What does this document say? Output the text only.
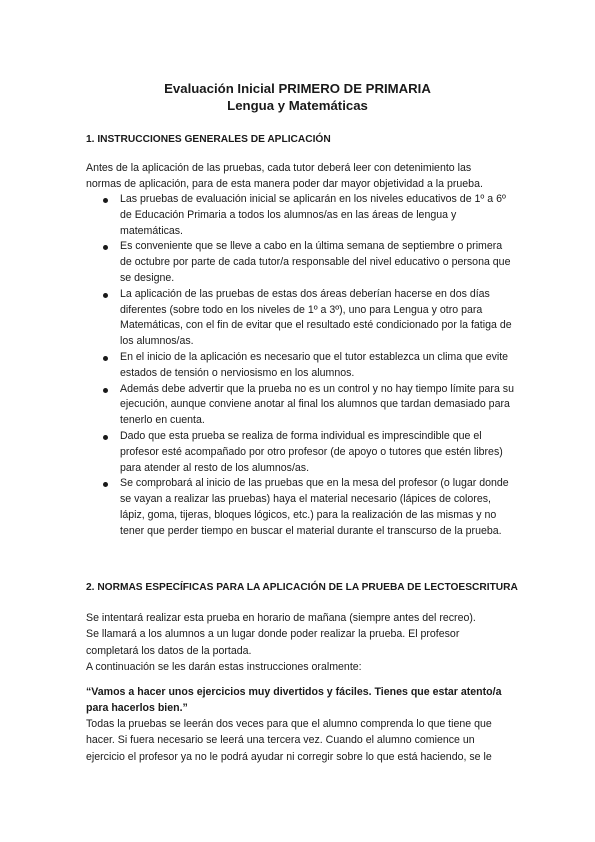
Evaluación Inicial PRIMERO DE PRIMARIA
Lengua y Matemáticas
1. INSTRUCCIONES GENERALES DE APLICACIÓN

Antes de la aplicación de las pruebas, cada tutor deberá leer con detenimiento las

normas de aplicación, para de esta manera poder dar mayor objetividad a la prueba.

Las pruebas de evaluación inicial se aplicarán en los niveles educativos de 1º a 6º de Educación Primaria a todos los alumnos/as en las áreas de lengua y matemáticas.
Es conveniente que se lleve a cabo en la última semana de septiembre o primera de octubre por parte de cada tutor/a responsable del nivel educativo o persona que se designe.
La aplicación de las pruebas de estas dos áreas deberían hacerse en dos días diferentes (sobre todo en los niveles de 1º a 3º), uno para Lengua y otro para Matemáticas, con el fin de evitar que el resultado esté condicionado por la fatiga de los alumnos/as.
En el inicio de la aplicación es necesario que el tutor establezca un clima que evite estados de tensión o nerviosismo en los alumnos.
Además debe advertir que la prueba no es un control y no hay tiempo límite para su ejecución, aunque conviene anotar al final los alumnos que tardan demasiado para tenerlo en cuenta.
Dado que esta prueba se realiza de forma individual es imprescindible que el profesor esté acompañado por otro profesor (de apoyo o tutores que estén libres) para atender al resto de los alumnos/as.
Se comprobará al inicio de las pruebas que en la mesa del profesor (o lugar donde se vayan a realizar las pruebas) haya el material necesario (lápices de colores, lápiz, goma, tijeras, bloques lógicos, etc.) para la realización de las mismas y no tener que perder tiempo en buscar el material durante el transcurso de la prueba.
2. NORMAS ESPECÍFICAS PARA LA APLICACIÓN DE LA PRUEBA DE LECTOESCRITURA

Se intentará realizar esta prueba en horario de mañana (siempre antes del recreo).

Se llamará a los alumnos a un lugar donde poder realizar la prueba. El profesor

completará los datos de la portada.

A continuación se les darán estas instrucciones oralmente:

“Vamos a hacer unos ejercicios muy divertidos y fáciles. Tienes que estar atento/a

para hacerlos bien.”

Todas la pruebas se leerán dos veces para que el alumno comprenda lo que tiene que

hacer. Si fuera necesario se leerá una tercera vez. Cuando el alumno comience un

ejercicio el profesor ya no le podrá ayudar ni corregir sobre lo que está haciendo, se le
